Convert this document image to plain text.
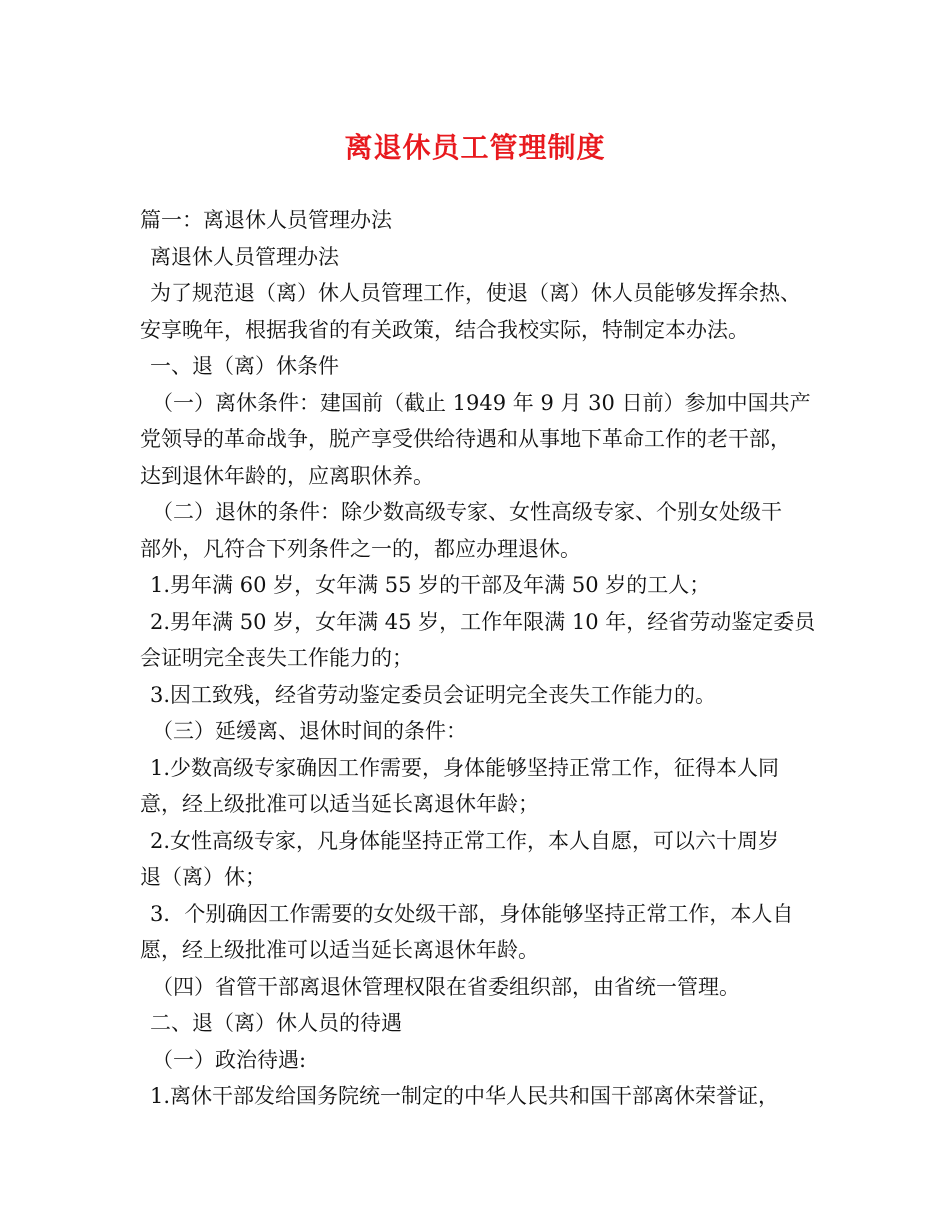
离退休员工管理制度
篇一：离退休人员管理办法
离退休人员管理办法
为了规范退（离）休人员管理工作，使退（离）休人员能够发挥余热、
安享晚年，根据我省的有关政策，结合我校实际，特制定本办法。
一、退（离）休条件
（一）离休条件：建国前（截止 1949 年 9 月 30 日前）参加中国共产
党领导的革命战争，脱产享受供给待遇和从事地下革命工作的老干部，
达到退休年龄的，应离职休养。
（二）退休的条件：除少数高级专家、女性高级专家、个别女处级干
部外，凡符合下列条件之一的，都应办理退休。
1.男年满 60 岁，女年满 55 岁的干部及年满 50 岁的工人；
2.男年满 50 岁，女年满 45 岁，工作年限满 10 年，经省劳动鉴定委员
会证明完全丧失工作能力的；
3.因工致残，经省劳动鉴定委员会证明完全丧失工作能力的。
（三）延缓离、退休时间的条件：
1.少数高级专家确因工作需要，身体能够坚持正常工作，征得本人同
意，经上级批准可以适当延长离退休年龄；
2.女性高级专家，凡身体能坚持正常工作，本人自愿，可以六十周岁
退（离）休；
3．个别确因工作需要的女处级干部，身体能够坚持正常工作，本人自
愿，经上级批准可以适当延长离退休年龄。
（四）省管干部离退休管理权限在省委组织部，由省统一管理。
二、退（离）休人员的待遇
（一）政治待遇:
1.离休干部发给国务院统一制定的中华人民共和国干部离休荣誉证，
